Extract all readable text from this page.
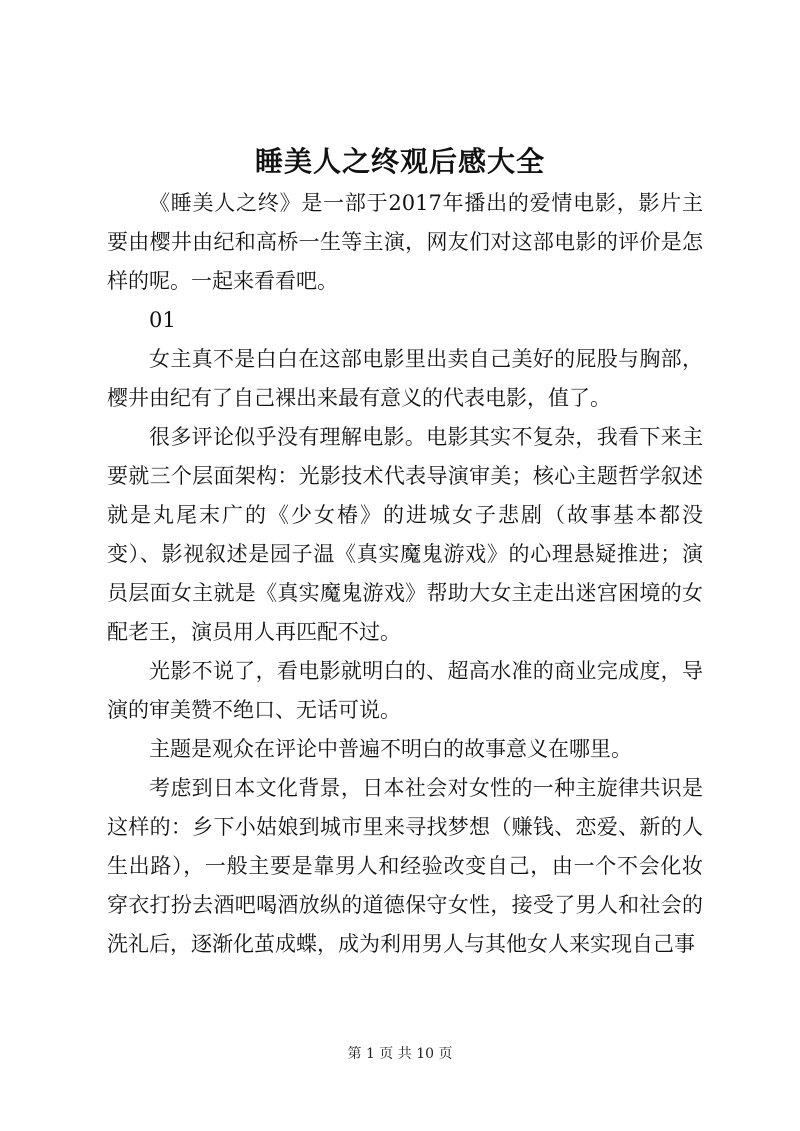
睡美人之终观后感大全

《睡美人之终》是一部于2017年播出的爱情电影，影片主要由樱井由纪和高桥一生等主演，网友们对这部电影的评价是怎样的呢。一起来看看吧。

01

女主真不是白白在这部电影里出卖自己美好的屁股与胸部，樱井由纪有了自己裸出来最有意义的代表电影，值了。

很多评论似乎没有理解电影。电影其实不复杂，我看下来主要就三个层面架构：光影技术代表导演审美；核心主题哲学叙述就是丸尾末广的《少女椿》的进城女子悲剧（故事基本都没变）、影视叙述是园子温《真实魔鬼游戏》的心理悬疑推进；演员层面女主就是《真实魔鬼游戏》帮助大女主走出迷宫困境的女配老王，演员用人再匹配不过。

光影不说了，看电影就明白的、超高水准的商业完成度，导演的审美赞不绝口、无话可说。

主题是观众在评论中普遍不明白的故事意义在哪里。

考虑到日本文化背景，日本社会对女性的一种主旋律共识是这样的：乡下小姑娘到城市里来寻找梦想（赚钱、恋爱、新的人生出路），一般主要是靠男人和经验改变自己，由一个不会化妆穿衣打扮去酒吧喝酒放纵的道德保守女性，接受了男人和社会的洗礼后，逐渐化茧成蝶，成为利用男人与其他女人来实现自己事

第 1 页 共 10 页
